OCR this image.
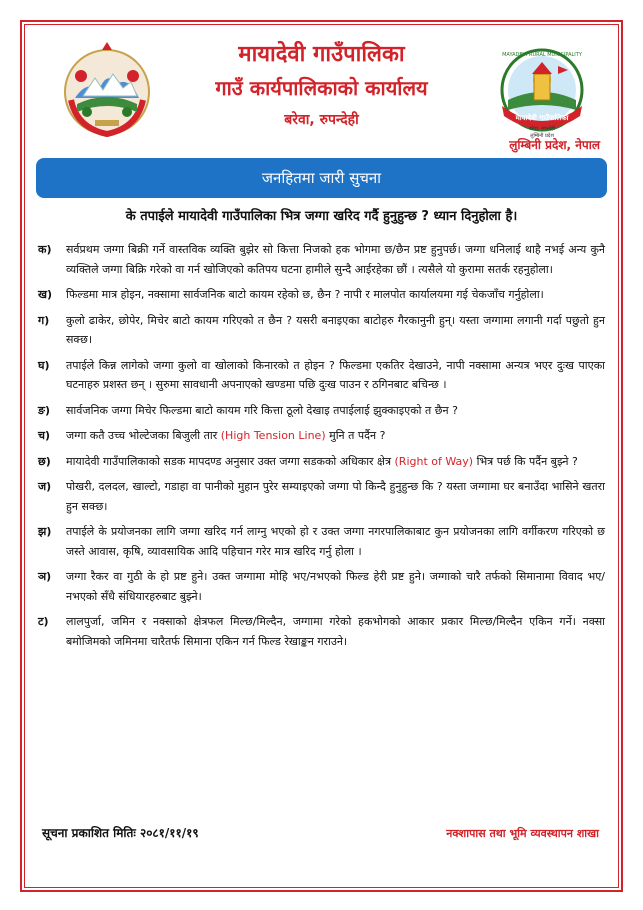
MAYADEVI RURAL MUNICIPALITY
मायादेवी गाउँपालिका
बरेवा, रुपन्देही
लुम्बिनी प्रदेश
मायादेवी गाउँपालिका
गाउँ कार्यपालिकाको कार्यालय
बरेवा, रुपन्देही
लुम्बिनी प्रदेश, नेपाल
जनहितमा जारी सुचना
के तपाईले मायादेवी गाउँपालिका भित्र जग्गा खरिद गर्दै हुनुहुन्छ ? ध्यान दिनुहोला है।
क)	सर्वप्रथम जग्गा बिक्री गर्ने वास्तविक व्यक्ति बुझेर सो कित्ता निजको हक भोगमा छ/छैन प्रष्ट हुनुपर्छ। जग्गा धनिलाई थाहै नभई अन्य कुनै व्यक्तिले जग्गा बिक्रि गरेको वा गर्न खोजिएको कतिपय घटना हामीले सुन्दै आईरहेका छौं । त्यसैले यो कुरामा सतर्क रहनुहोला।
ख)	फिल्डमा मात्र होइन, नक्सामा सार्वजनिक बाटो कायम रहेको छ, छैन ? नापी र मालपोत कार्यालयमा गई चेकजाँच गर्नुहोला।
ग)	कुलो ढाकेर, छोपेर, मिचेर बाटो कायम गरिएको त छैन ? यसरी बनाइएका बाटोहरु गैरकानुनी हुन्। यस्ता जग्गामा लगानी गर्दा पछुतो हुन सक्छ।
घ)	तपाईले किन्न लागेको जग्गा कुलो वा खोलाको किनारको त होइन ? फिल्डमा एकतिर देखाउने, नापी नक्सामा अन्यत्र भएर दुःख पाएका घटनाहरु प्रशस्त छन् । सुरुमा सावधानी अपनाएको खण्डमा पछि दुःख पाउन र ठगिनबाट बचिन्छ ।
ङ)	सार्वजनिक जग्गा मिचेर फिल्डमा बाटो कायम गरि कित्ता ठूलो देखाइ तपाईलाई झुक्काइएको त छैन ?
च)	जग्गा कतै उच्च भोल्टेजका बिजुली तार (High Tension Line) मुनि त पर्दैन ?
छ)	मायादेवी गाउँपालिकाको सडक मापदण्ड अनुसार उक्त जग्गा सडकको अधिकार क्षेत्र (Right of Way) भित्र पर्छ कि पर्दैन बुझ्ने ?
ज)	पोखरी, दलदल, खाल्टो, गडाहा वा पानीको मुहान पुरेर सम्याइएको जग्गा पो किन्दै हुनुहुन्छ कि ? यस्ता जग्गामा घर बनाउँदा भासिने खतरा हुन सक्छ।
झ)	तपाईले के प्रयोजनका लागि जग्गा खरिद गर्न लाग्नु भएको हो र उक्त जग्गा नगरपालिकाबाट कुन प्रयोजनका लागि वर्गीकरण गरिएको छ जस्ते आवास, कृषि, व्यावसायिक आदि पहिचान गरेर मात्र खरिद गर्नु होला ।
ञ)	जग्गा रैकर वा गुठी के हो प्रष्ट हुने। उक्त जग्गामा मोहि भए/नभएको फिल्ड हेरी प्रष्ट हुने। जग्गाको चारै तर्फको सिमानामा विवाद भए/नभएको सँधै संधियारहरुबाट बुझ्ने।
ट)	लालपुर्जा, जमिन र नक्साको क्षेत्रफल मिल्छ/मिल्दैन, जग्गामा गरेको हकभोगको आकार प्रकार मिल्छ/मिल्दैन एकिन गर्ने। नक्सा बमोजिमको जमिनमा चारैतर्फ सिमाना एकिन गर्न फिल्ड रेखाङ्कन गराउने।
सूचना प्रकाशित मितिः २०८१/११/१९	नक्शापास तथा भूमि व्यवस्थापन शाखा
